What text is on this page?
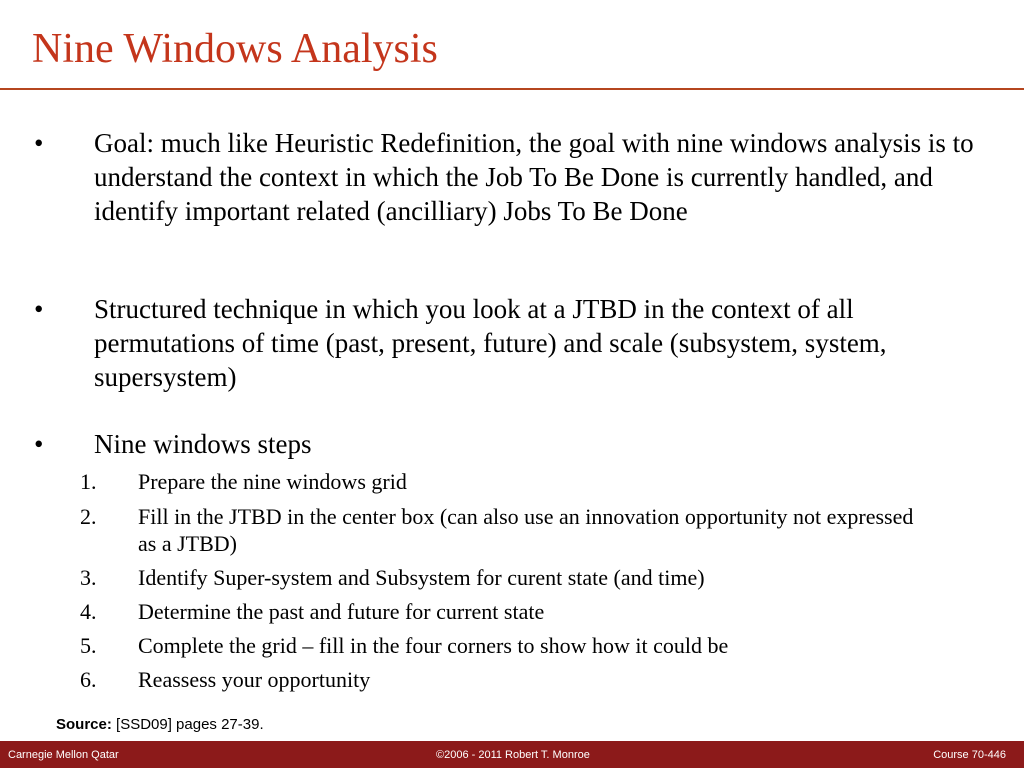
Nine Windows Analysis
•	Goal: much like Heuristic Redefinition, the goal with nine windows analysis is to understand the context in which the Job To Be Done is currently handled, and identify important related (ancilliary) Jobs To Be Done
•	Structured technique in which you look at a JTBD in the context of all permutations of time (past, present, future) and scale (subsystem, system, supersystem)
•	Nine windows steps
1.	Prepare the nine windows grid
2.	Fill in the JTBD in the center box (can also use an innovation opportunity not expressed as a JTBD)
3.	Identify Super-system and Subsystem for curent state (and time)
4.	Determine the past and future for current state
5.	Complete the grid – fill in the four corners to show how it could be
6.	Reassess your opportunity
Source: [SSD09] pages 27-39.
Carnegie Mellon Qatar	©2006 - 2011 Robert T. Monroe	Course 70-446
